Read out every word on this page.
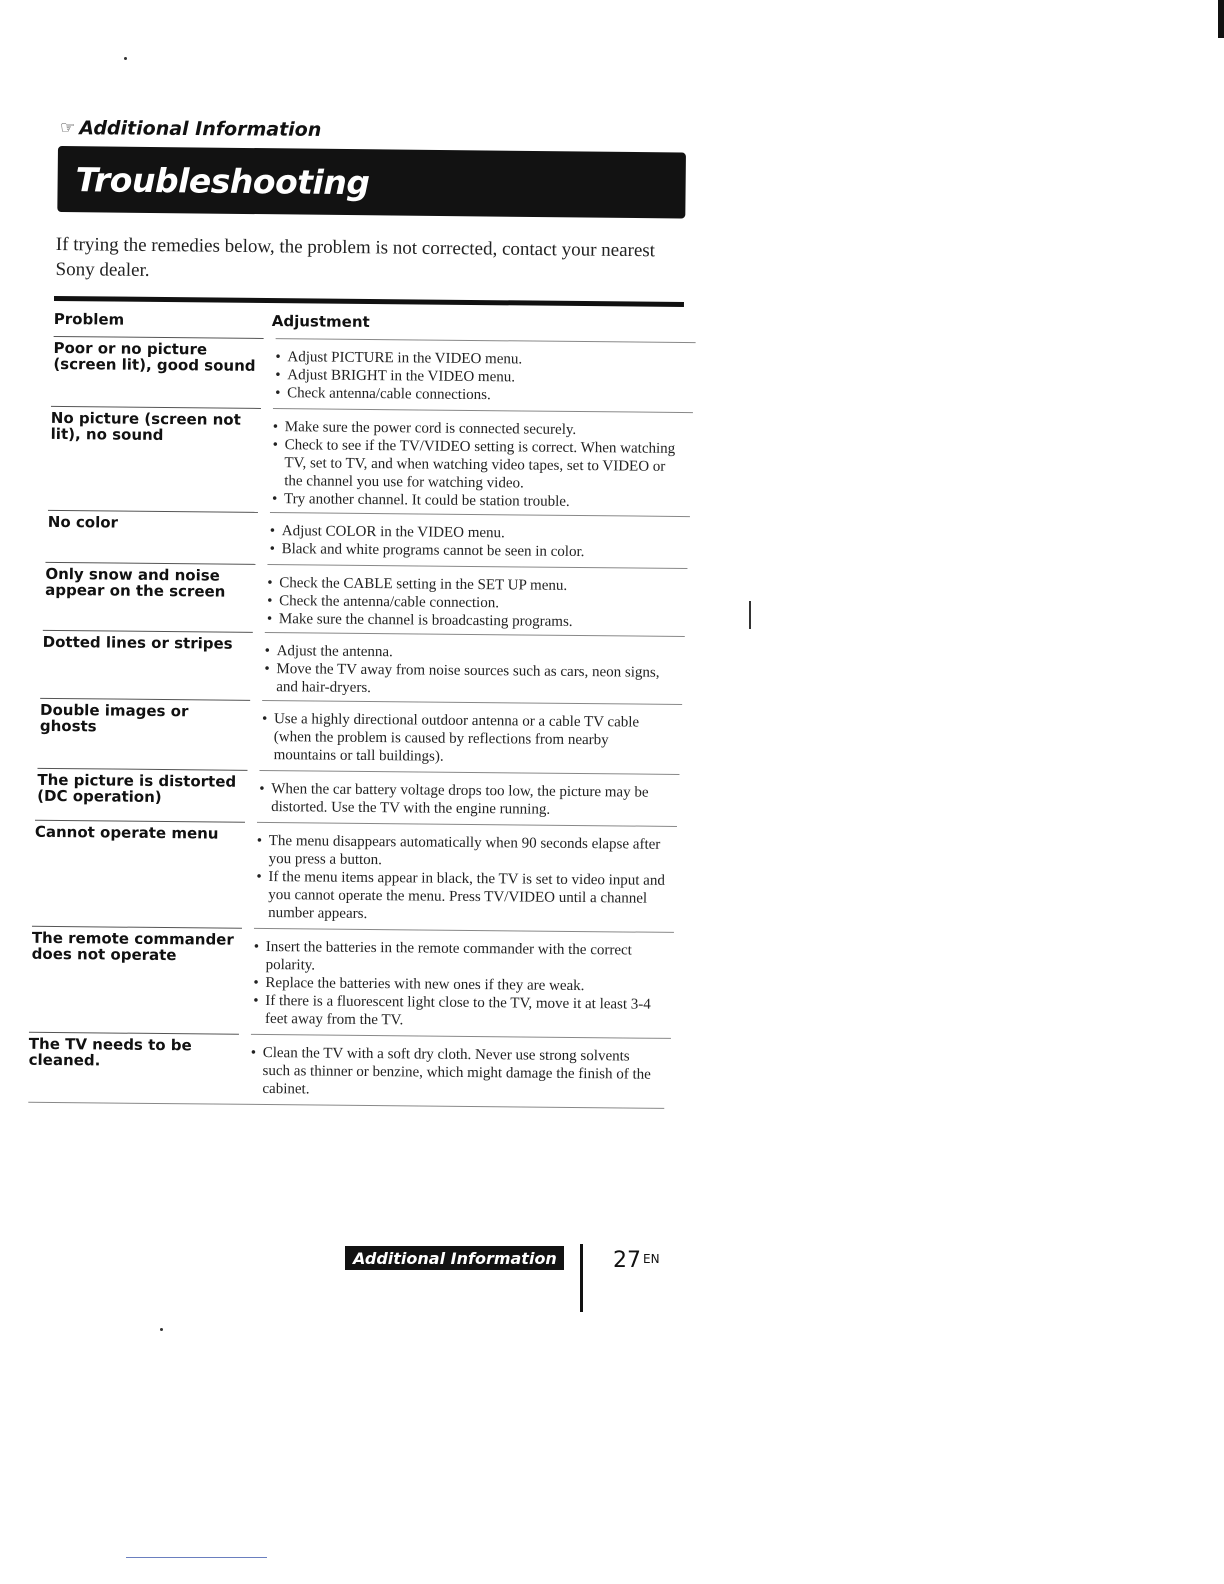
☞ Additional Information
Troubleshooting
If trying the remedies below, the problem is not corrected, contact your nearest Sony dealer.
Problem	Adjustment
Poor or no picture (screen lit), good sound	• Adjust PICTURE in the VIDEO menu.
• Adjust BRIGHT in the VIDEO menu.
• Check antenna/cable connections.
No picture (screen not lit), no sound	• Make sure the power cord is connected securely.
• Check to see if the TV/VIDEO setting is correct. When watching TV, set to TV, and when watching video tapes, set to VIDEO or the channel you use for watching video.
• Try another channel. It could be station trouble.
No color
• Adjust COLOR in the VIDEO menu.
• Black and white programs cannot be seen in color.
Only snow and noise appear on the screen	• Check the CABLE setting in the SET UP menu.
• Check the antenna/cable connection.
• Make sure the channel is broadcasting programs.
Dotted lines or stripes	• Adjust the antenna.
• Move the TV away from noise sources such as cars, neon signs, and hair-dryers.
Double images or ghosts	• Use a highly directional outdoor antenna or a cable TV cable (when the problem is caused by reflections from nearby mountains or tall buildings).
The picture is distorted (DC operation)	• When the car battery voltage drops too low, the picture may be distorted. Use the TV with the engine running.
Cannot operate menu
• The menu disappears automatically when 90 seconds elapse after you press a button.
• If the menu items appear in black, the TV is set to video input and you cannot operate the menu. Press TV/VIDEO until a channel number appears.
The remote commander does not operate	• Insert the batteries in the remote commander with the correct polarity.
• Replace the batteries with new ones if they are weak.
• If there is a fluorescent light close to the TV, move it at least 3-4 feet away from the TV.
The TV needs to be cleaned.	• Clean the TV with a soft dry cloth. Never use strong solvents such as thinner or benzine, which might damage the finish of the cabinet.
Additional Information	27 EN
